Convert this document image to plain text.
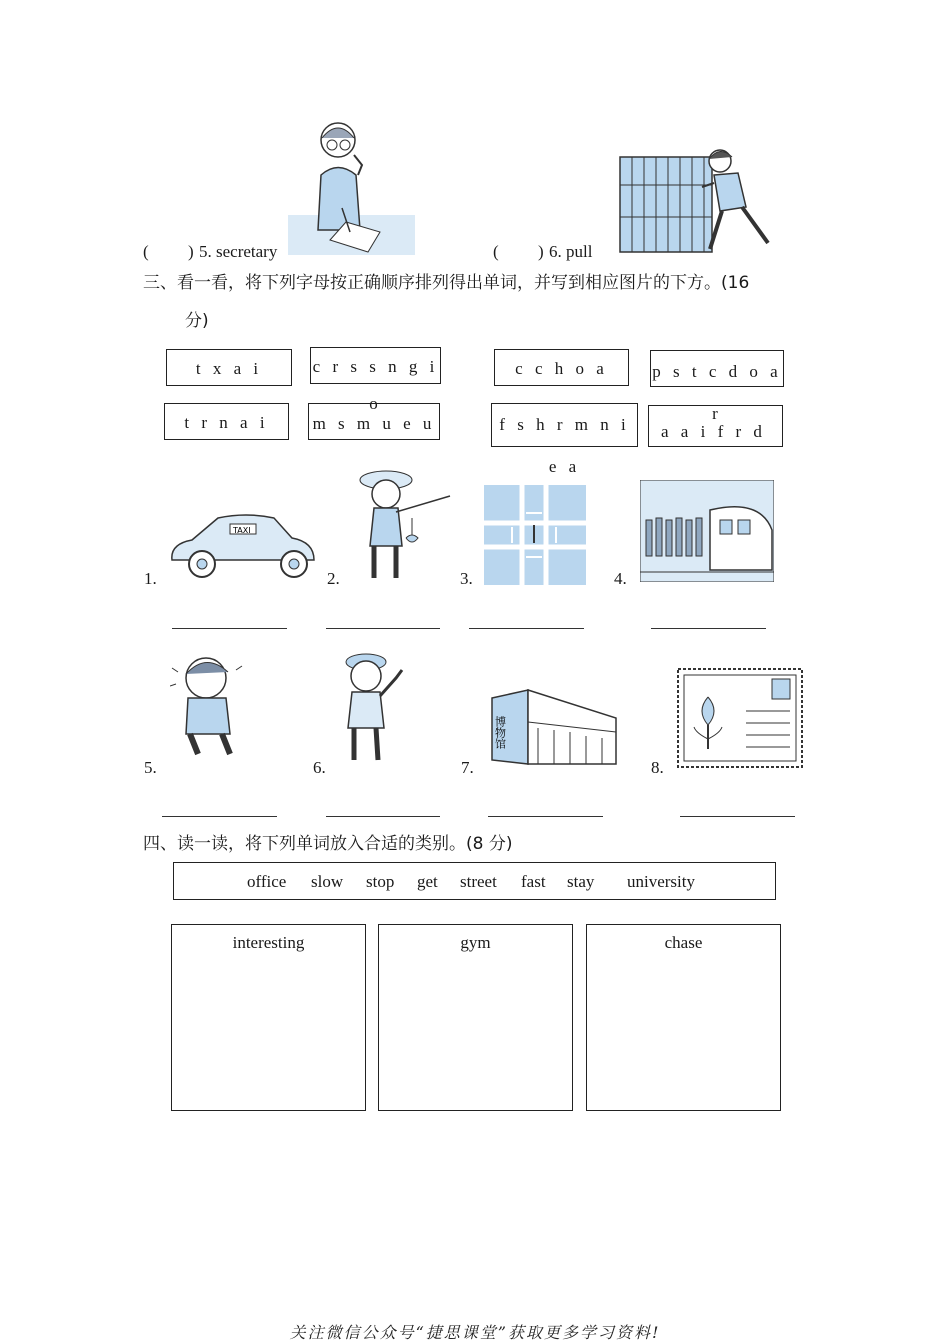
( ) 5. secretary	( ) 6. pull
三、看一看，将下列字母按正确顺序排列得出单词，并写到相应图片的下方。(16
分)
t x a i	c r s s n g i o
c c h o a	p s t c d o a r
t r n a i	m s m u e u	f s h r m n i e a
a a i f r d
1.
TAXI
2.	3.	4.
5.	6.	7.
博物馆
8.
四、读一读，将下列单词放入合适的类别。(8 分)
office slow stop get street fast stay university
interesting	gym	chase
关注微信公众号“捷思课堂”获取更多学习资料!
